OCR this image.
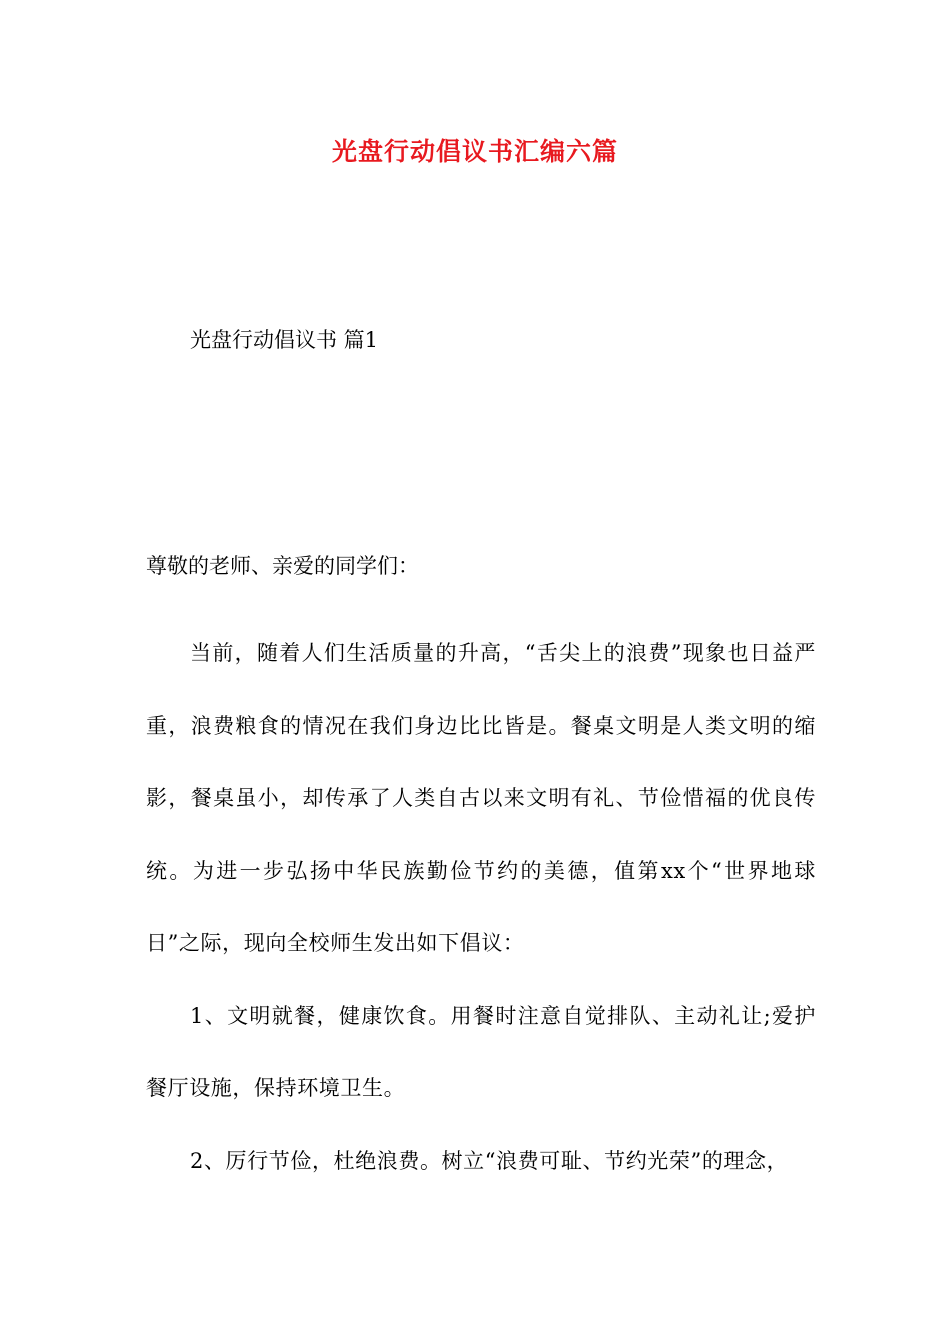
光盘行动倡议书汇编六篇
光盘行动倡议书 篇1
尊敬的老师、亲爱的同学们：

当前，随着人们生活质量的升高，“舌尖上的浪费”现象也日益严重，浪费粮食的情况在我们身边比比皆是。餐桌文明是人类文明的缩影，餐桌虽小，却传承了人类自古以来文明有礼、节俭惜福的优良传统。为进一步弘扬中华民族勤俭节约的美德，值第xx个“世界地球日”之际，现向全校师生发出如下倡议：

1、文明就餐，健康饮食。用餐时注意自觉排队、主动礼让;爱护餐厅设施，保持环境卫生。

2、厉行节俭，杜绝浪费。树立“浪费可耻、节约光荣”的理念，
